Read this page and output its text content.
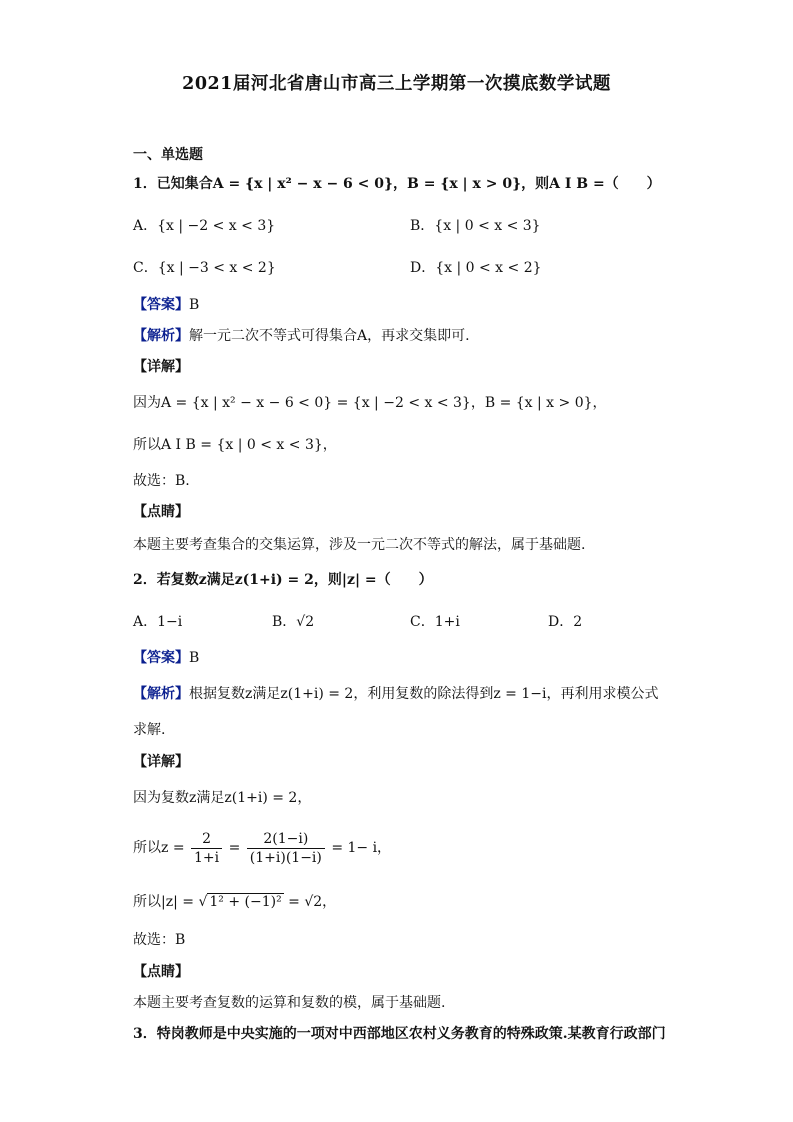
2021届河北省唐山市高三上学期第一次摸底数学试题
一、单选题
1．已知集合A = {x | x² − x − 6 < 0}，B = {x | x > 0}，则A I B =（　　）
A．{x | −2 < x < 3}	B．{x | 0 < x < 3}
C．{x | −3 < x < 2}	D．{x | 0 < x < 2}
【答案】B
【解析】解一元二次不等式可得集合A，再求交集即可.
【详解】
因为A = {x | x² − x − 6 < 0} = {x | −2 < x < 3}，B = {x | x > 0}，
所以A I B = {x | 0 < x < 3}，
故选：B.
【点睛】
本题主要考查集合的交集运算，涉及一元二次不等式的解法，属于基础题.
2．若复数z满足z(1+i) = 2，则|z| =（　　）
A．1−i	B．√2	C．1+i	D．2
【答案】B
【解析】根据复数z满足z(1+i) = 2，利用复数的除法得到z = 1−i，再利用求模公式
求解.
【详解】
因为复数z满足z(1+i) = 2，
所以$z = \frac{2}{1+i} = \frac{2(1-i)}{(1+i)(1-i)} = 1- i$，
所以|z| = √ 1² + (−1)² = √2，
故选：B
【点睛】
本题主要考查复数的运算和复数的模，属于基础题.
3．特岗教师是中央实施的一项对中西部地区农村义务教育的特殊政策.某教育行政部门
